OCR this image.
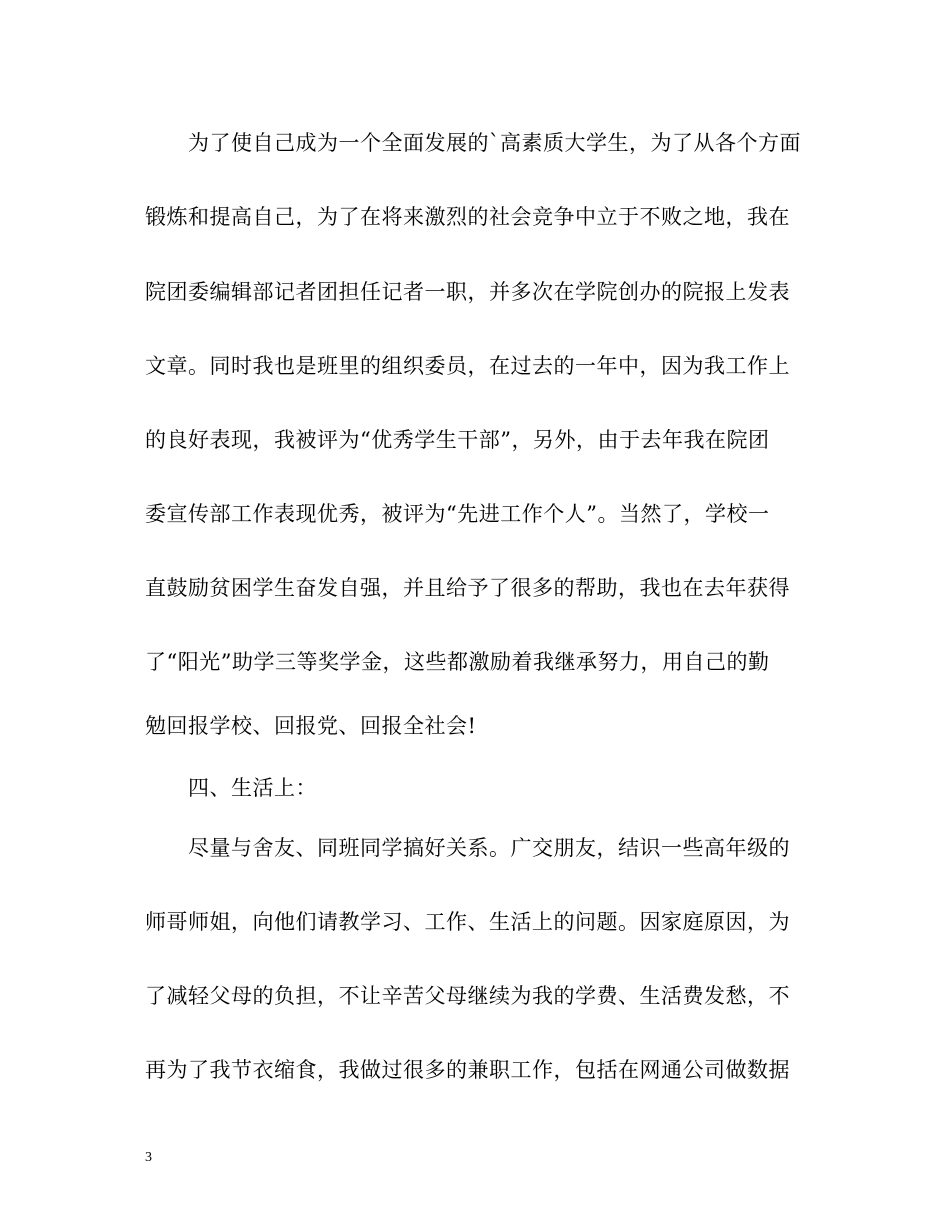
为了使自己成为一个全面发展的`高素质大学生，为了从各个方面
锻炼和提高自己，为了在将来激烈的社会竞争中立于不败之地，我在
院团委编辑部记者团担任记者一职，并多次在学院创办的院报上发表
文章。同时我也是班里的组织委员，在过去的一年中，因为我工作上
的良好表现，我被评为“优秀学生干部”，另外，由于去年我在院团
委宣传部工作表现优秀，被评为“先进工作个人”。当然了，学校一
直鼓励贫困学生奋发自强，并且给予了很多的帮助，我也在去年获得
了“阳光”助学三等奖学金，这些都激励着我继承努力，用自己的勤
勉回报学校、回报党、回报全社会!
四、生活上：
尽量与舍友、同班同学搞好关系。广交朋友，结识一些高年级的
师哥师姐，向他们请教学习、工作、生活上的问题。因家庭原因，为
了减轻父母的负担，不让辛苦父母继续为我的学费、生活费发愁，不
再为了我节衣缩食，我做过很多的兼职工作，包括在网通公司做数据
3
